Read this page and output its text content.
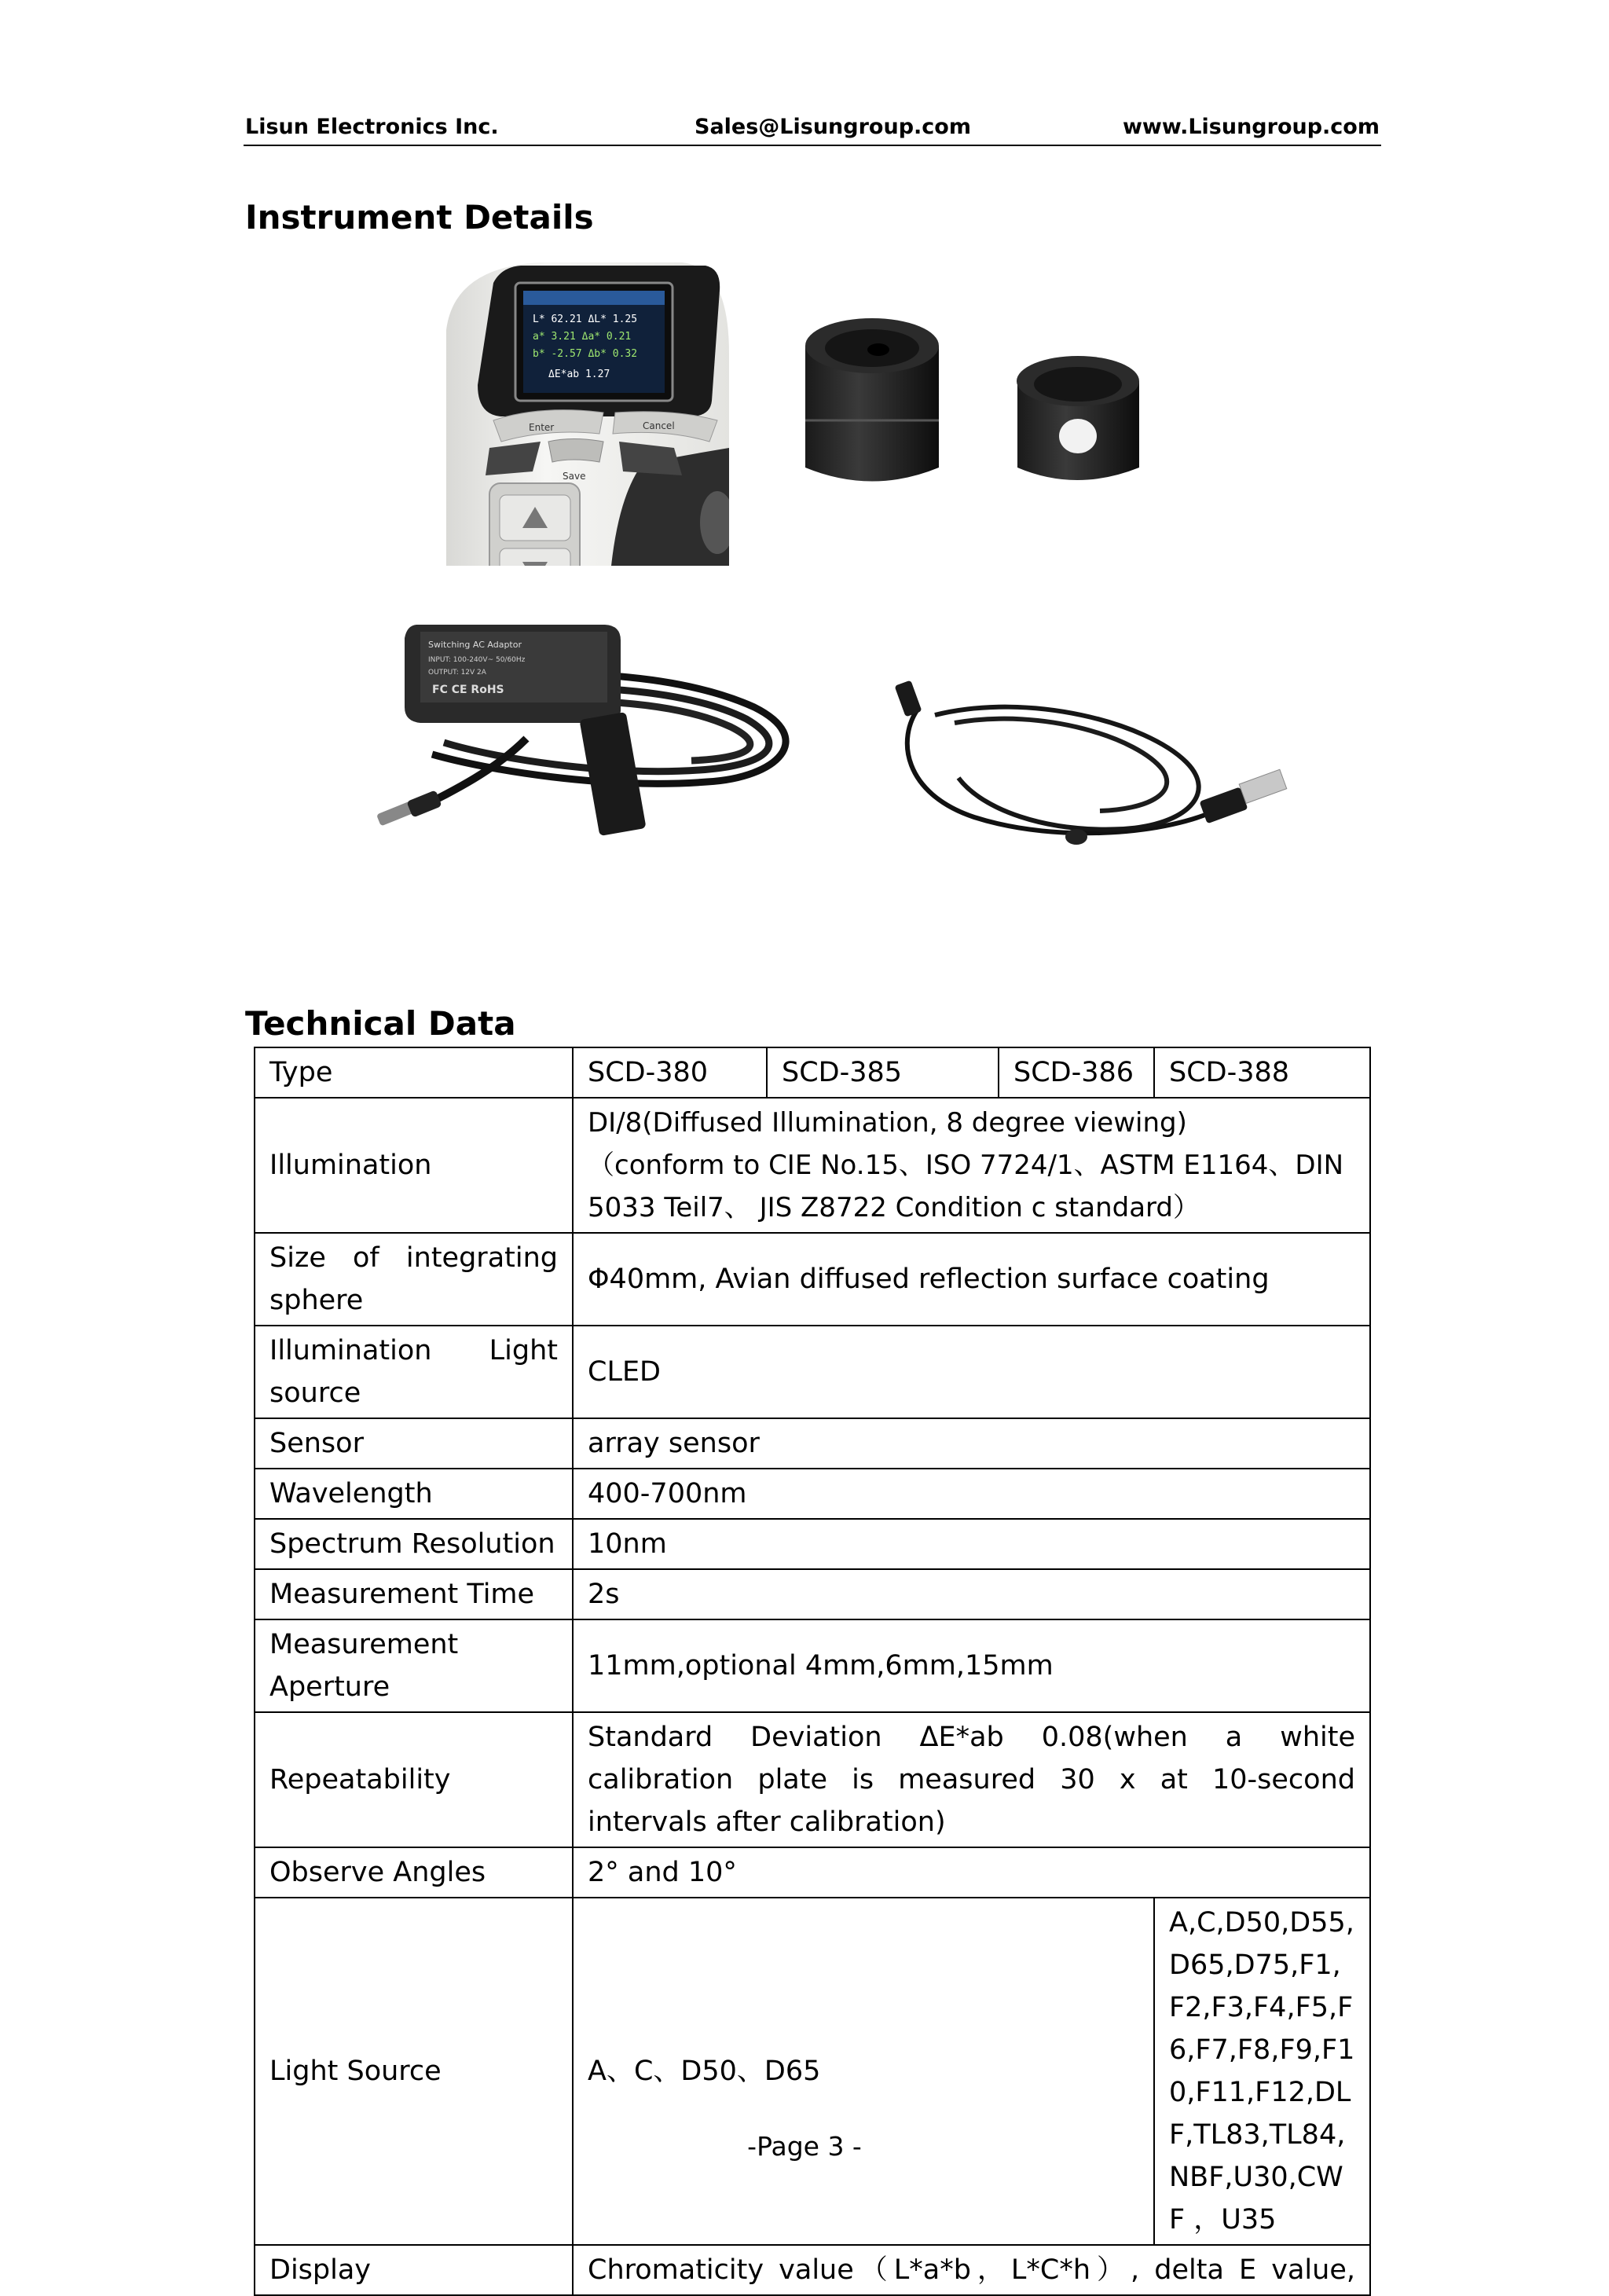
Lisun Electronics Inc.	Sales@Lisungroup.com	www.Lisungroup.com
Instrument Details
L* 62.21 ΔL* 1.25
a* 3.21 Δa* 0.21
b* -2.57 Δb* 0.32
ΔE*ab 1.27
Enter	Cancel
Save
Switching AC Adaptor
INPUT: 100-240V~ 50/60Hz
OUTPUT: 12V 2A
FC CE RoHS
Technical Data
Type	SCD-380	SCD-385	SCD-386	SCD-388
Illumination	DI/8(Diffused Illumination, 8 degree viewing)
（conform to CIE No.15、ISO 7724/1、ASTM E1164、DIN
5033 Teil7、 JIS Z8722 Condition c standard）			

Size of integrating sphere	Φ40mm, Avian diffused reflection surface coating			
Illumination Light source	CLED			
Sensor	array sensor			
Wavelength	400-700nm			
Spectrum Resolution	10nm			
Measurement Time	2s			
Measurement Aperture	11mm,optional 4mm,6mm,15mm			
Repeatability	Standard Deviation ΔE*ab 0.08(when a white calibration plate is measured 30 x at 10-second intervals after calibration)			
Observe Angles	2° and 10°			
Light Source	A、C、D50、D65			A,C,D50,D55,D65,D75,F1,F2,F3,F4,F5,F6,F7,F8,F9,F10,F11,F12,DLF,TL83,TL84,NBF,U30,CWF ，U35
Display	Chromaticity value（L*a*b，L*C*h）, delta E value,			
-Page 3 -
